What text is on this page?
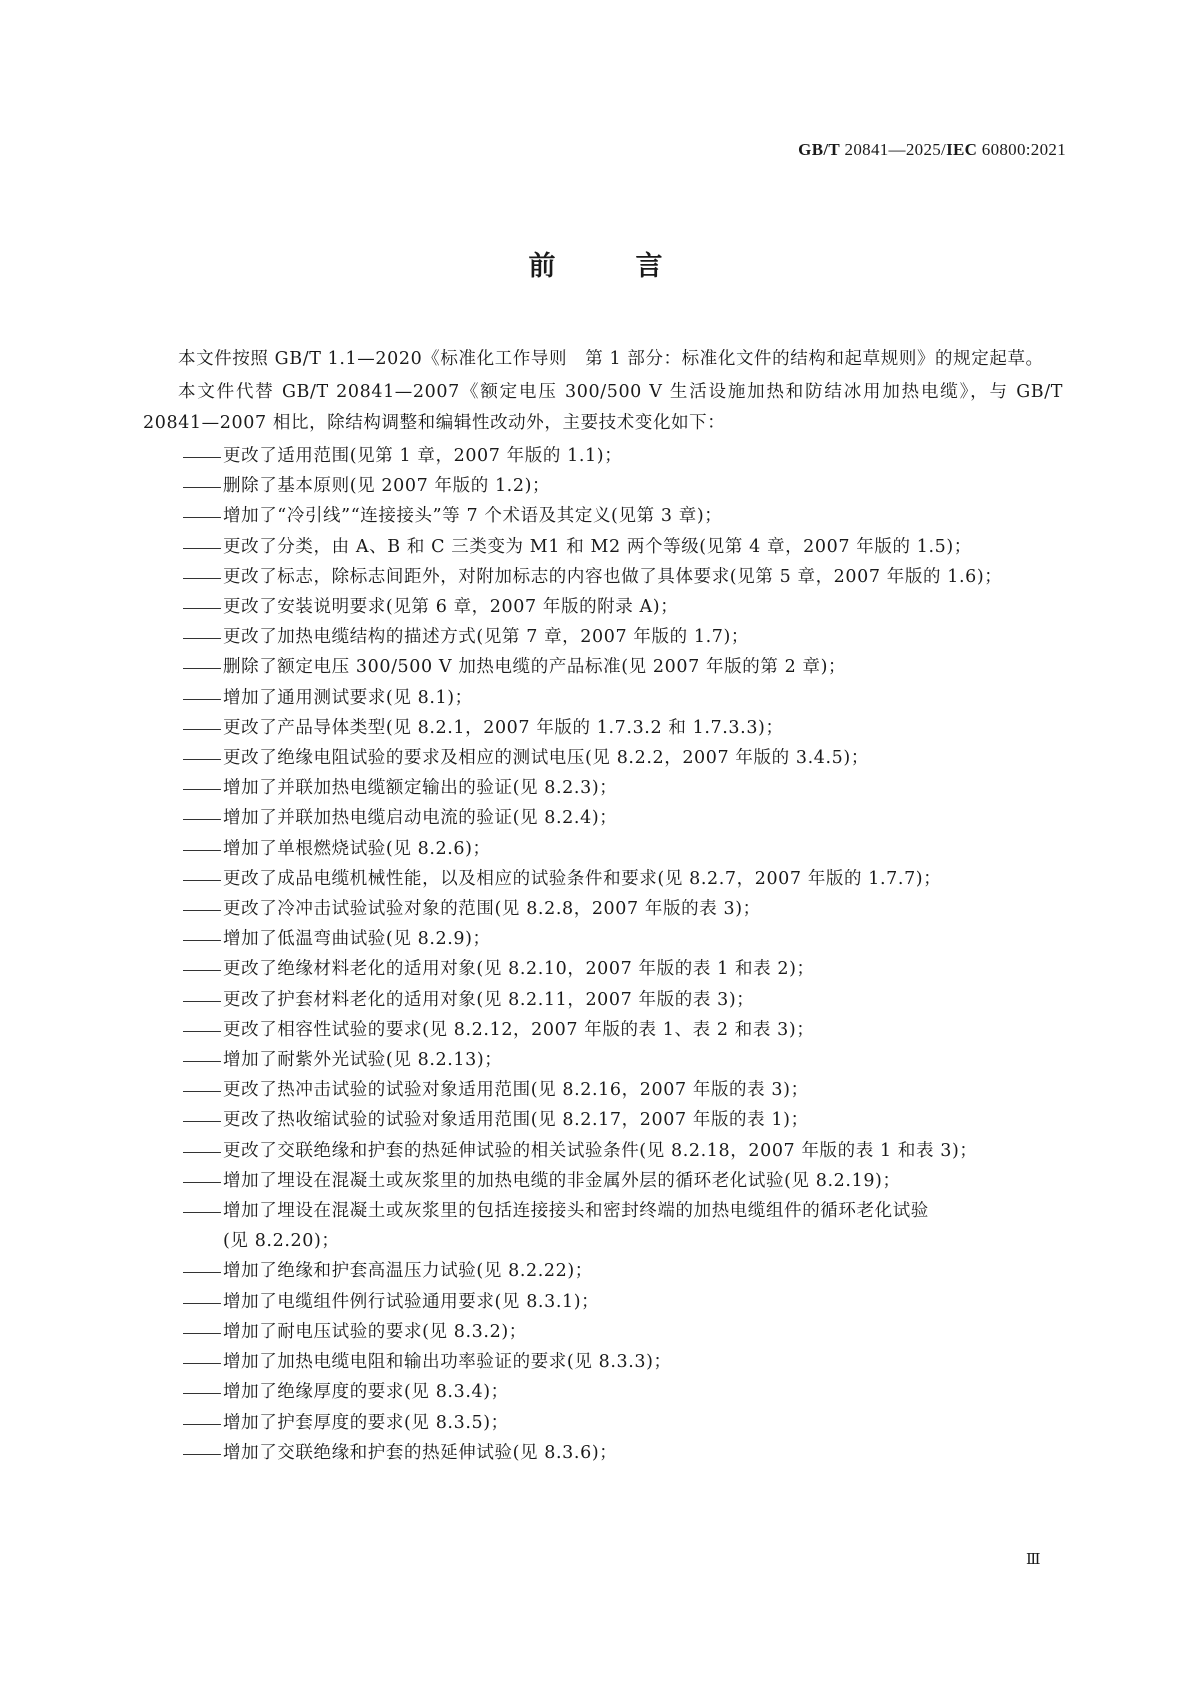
GB/T 20841—2025/IEC 60800:2021
前	言

本文件按照 GB/T 1.1—2020《标准化工作导则　第 1 部分：标准化文件的结构和起草规则》的规定起草。

本文件代替 GB/T 20841—2007《额定电压 300/500 V 生活设施加热和防结冰用加热电缆》，与 GB/T 20841—2007 相比，除结构调整和编辑性改动外，主要技术变化如下：

更改了适用范围(见第 1 章，2007 年版的 1.1)；
删除了基本原则(见 2007 年版的 1.2)；
增加了“冷引线”“连接接头”等 7 个术语及其定义(见第 3 章)；
更改了分类，由 A、B 和 C 三类变为 M1 和 M2 两个等级(见第 4 章，2007 年版的 1.5)；
更改了标志，除标志间距外，对附加标志的内容也做了具体要求(见第 5 章，2007 年版的 1.6)；
更改了安装说明要求(见第 6 章，2007 年版的附录 A)；
更改了加热电缆结构的描述方式(见第 7 章，2007 年版的 1.7)；
删除了额定电压 300/500 V 加热电缆的产品标准(见 2007 年版的第 2 章)；
增加了通用测试要求(见 8.1)；
更改了产品导体类型(见 8.2.1，2007 年版的 1.7.3.2 和 1.7.3.3)；
更改了绝缘电阻试验的要求及相应的测试电压(见 8.2.2，2007 年版的 3.4.5)；
增加了并联加热电缆额定输出的验证(见 8.2.3)；
增加了并联加热电缆启动电流的验证(见 8.2.4)；
增加了单根燃烧试验(见 8.2.6)；
更改了成品电缆机械性能，以及相应的试验条件和要求(见 8.2.7，2007 年版的 1.7.7)；
更改了冷冲击试验试验对象的范围(见 8.2.8，2007 年版的表 3)；
增加了低温弯曲试验(见 8.2.9)；
更改了绝缘材料老化的适用对象(见 8.2.10，2007 年版的表 1 和表 2)；
更改了护套材料老化的适用对象(见 8.2.11，2007 年版的表 3)；
更改了相容性试验的要求(见 8.2.12，2007 年版的表 1、表 2 和表 3)；
增加了耐紫外光试验(见 8.2.13)；
更改了热冲击试验的试验对象适用范围(见 8.2.16，2007 年版的表 3)；
更改了热收缩试验的试验对象适用范围(见 8.2.17，2007 年版的表 1)；
更改了交联绝缘和护套的热延伸试验的相关试验条件(见 8.2.18，2007 年版的表 1 和表 3)；
增加了埋设在混凝土或灰浆里的加热电缆的非金属外层的循环老化试验(见 8.2.19)；
增加了埋设在混凝土或灰浆里的包括连接接头和密封终端的加热电缆组件的循环老化试验
(见 8.2.20)；
增加了绝缘和护套高温压力试验(见 8.2.22)；
增加了电缆组件例行试验通用要求(见 8.3.1)；
增加了耐电压试验的要求(见 8.3.2)；
增加了加热电缆电阻和输出功率验证的要求(见 8.3.3)；
增加了绝缘厚度的要求(见 8.3.4)；
增加了护套厚度的要求(见 8.3.5)；
增加了交联绝缘和护套的热延伸试验(见 8.3.6)；
Ⅲ
